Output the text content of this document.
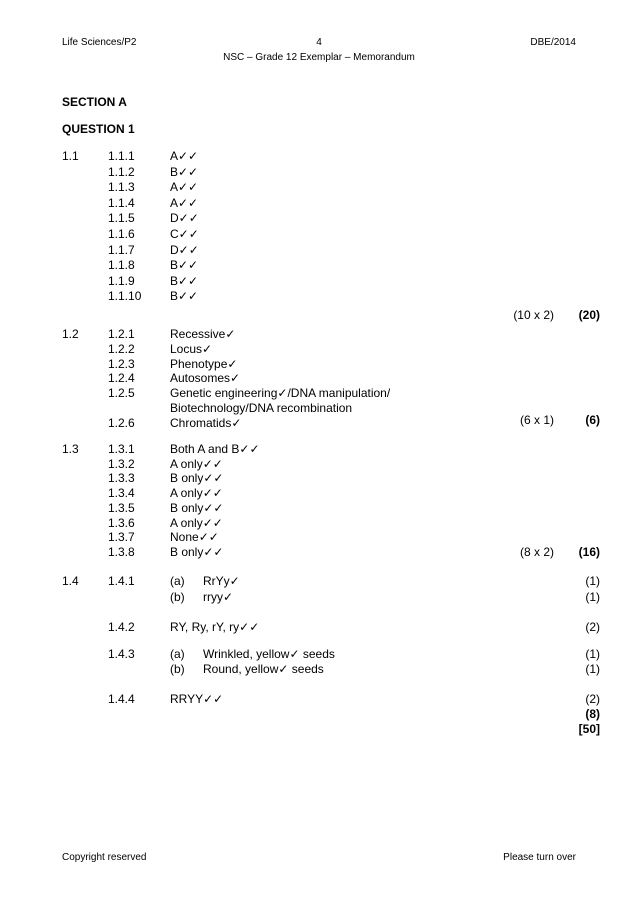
Life Sciences/P2	4	DBE/2014
NSC – Grade 12 Exemplar – Memorandum
SECTION A
QUESTION 1
1.1 1.1.1	A✓✓
1.1.2	B✓✓
1.1.3	A✓✓
1.1.4	A✓✓
1.1.5	D✓✓
1.1.6	C✓✓
1.1.7	D✓✓
1.1.8	B✓✓
1.1.9	B✓✓
1.1.10 B✓✓
(10 x 2)	(20)
1.2 1.2.1	Recessive✓
1.2.2	Locus✓
1.2.3	Phenotype✓
1.2.4	Autosomes✓
1.2.5	Genetic engineering✓/DNA manipulation/
Biotechnology/DNA recombination
1.2.6	Chromatids✓	(6 x 1)	(6)
1.3 1.3.1	Both A and B✓✓
1.3.2	A only✓✓
1.3.3	B only✓✓
1.3.4	A only✓✓
1.3.5	B only✓✓
1.3.6	A only✓✓
1.3.7	None✓✓
1.3.8	B only✓✓	(8 x 2)	(16)
1.4 1.4.1	(a) RrYy✓	(1)
(b) rryy✓	(1)
1.4.2	RY, Ry, rY, ry✓✓	(2)
1.4.3	(a) Wrinkled, yellow✓ seeds	(1)
(b) Round, yellow✓ seeds	(1)
1.4.4	RRYY✓✓	(2)
(8)
[50]
Copyright reserved	Please turn over
